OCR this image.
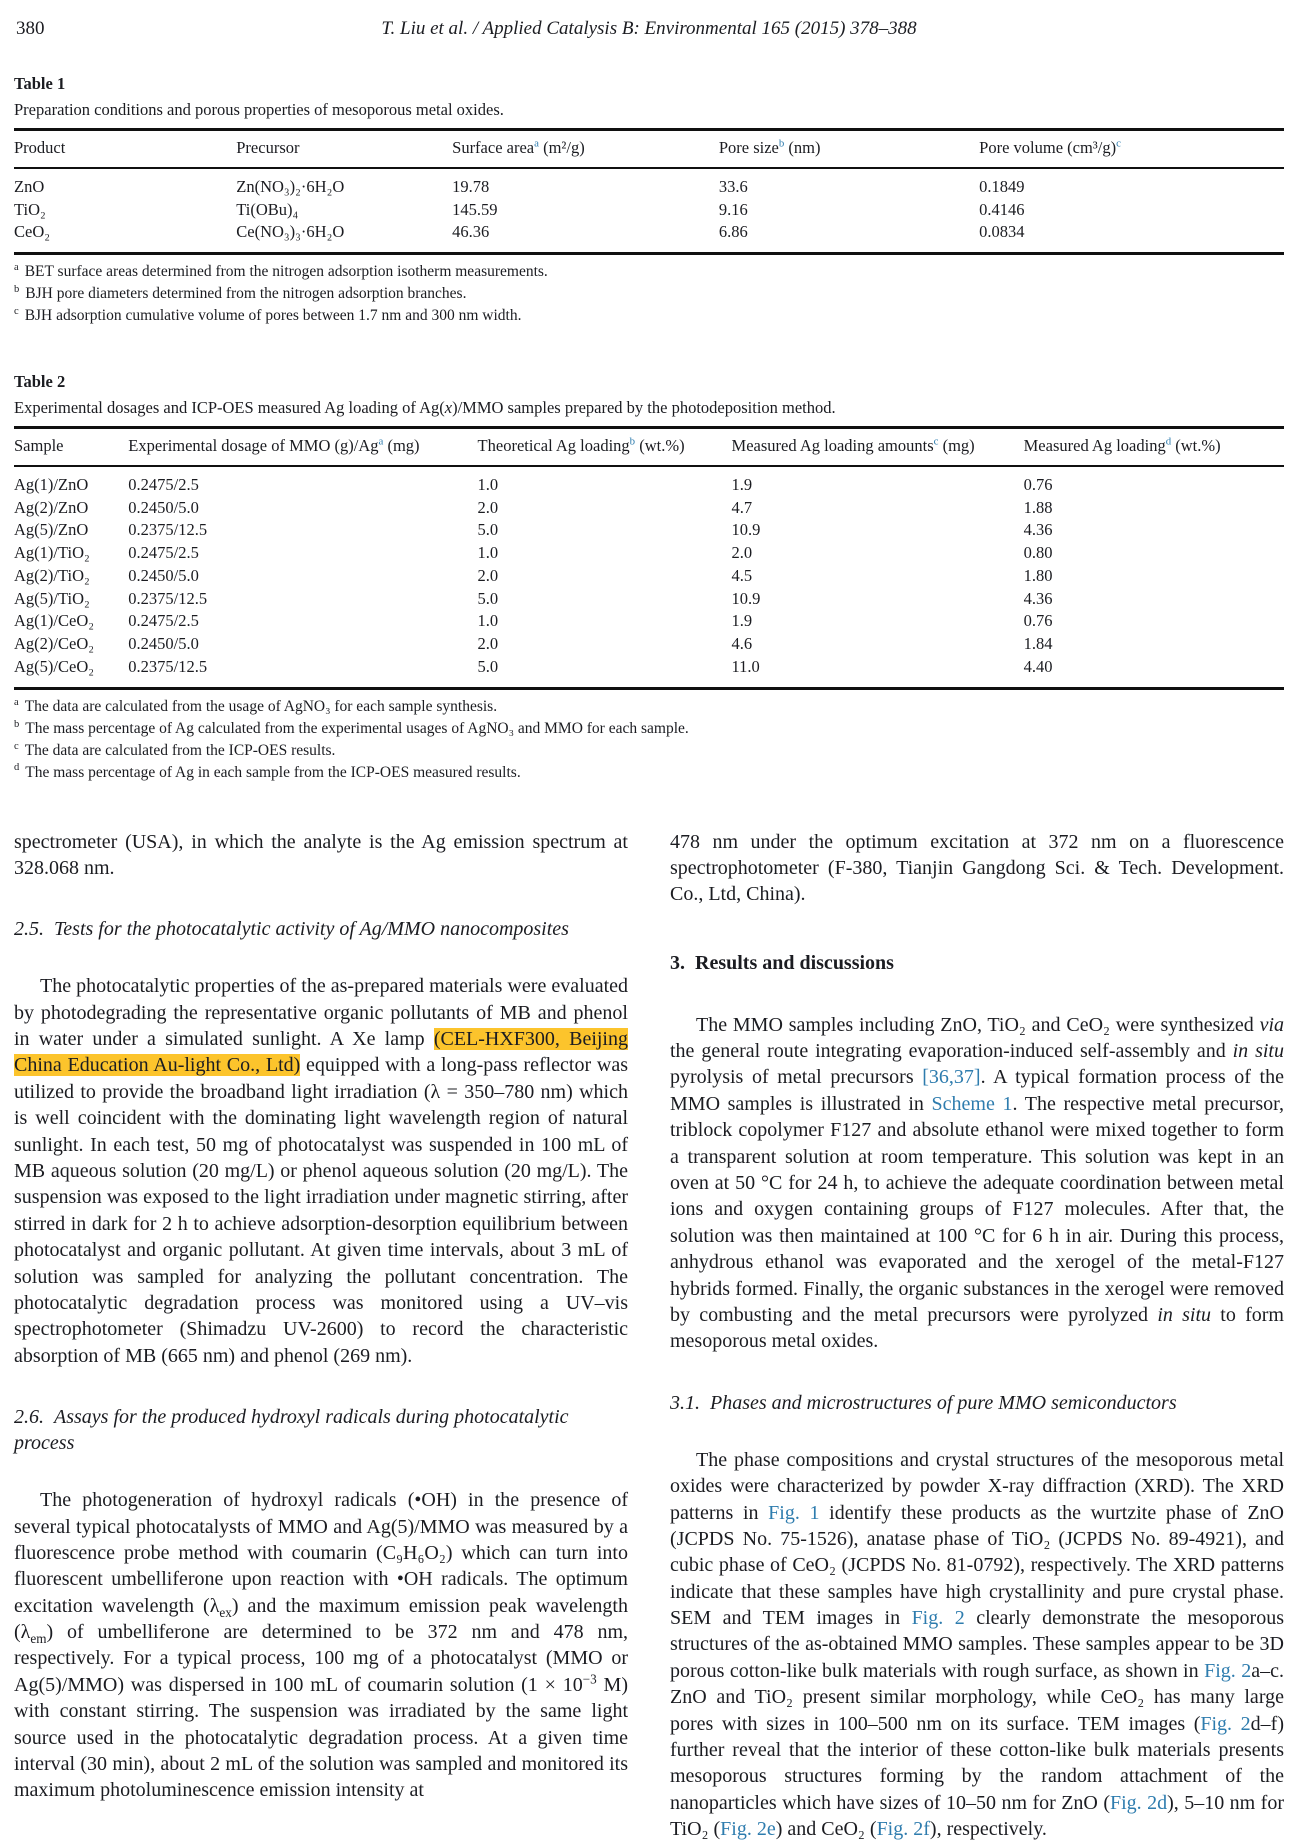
380	T. Liu et al. / Applied Catalysis B: Environmental 165 (2015) 378–388
Table 1
Preparation conditions and porous properties of mesoporous metal oxides.
Product	Precursor	Surface area$^a$ (m²/g)	Pore size$^b$ (nm)	Pore volume $(cm^3/g)^c$
ZnO	Zn(NO₃)₂·6H₂O	19.78	33.6	0.1849
TiO₂	Ti(OBu)₄	145.59	9.16	0.4146
CeO₂	Ce(NO₃)₃·6H₂O	46.36	6.86	0.0834
$^a$ BET surface areas determined from the nitrogen adsorption isotherm measurements.
$^b$ BJH pore diameters determined from the nitrogen adsorption branches.
$^c$ BJH adsorption cumulative volume of pores between 1.7 nm and 300 nm width.
Table 2
Experimental dosages and ICP-OES measured Ag loading of Ag(x)/MMO samples prepared by the photodeposition method.
Sample	Experimental dosage of MMO (g)/Ag$^a$ (mg)	Theoretical Ag loading$^b$ (wt.%)	Measured Ag loading amounts$^c$ (mg)	Measured Ag loading$^d$ (wt.%)
Ag(1)/ZnO	0.2475/2.5	1.0	1.9	0.76
Ag(2)/ZnO	0.2450/5.0	2.0	4.7	1.88
Ag(5)/ZnO	0.2375/12.5	5.0	10.9	4.36
Ag(1)/TiO₂	0.2475/2.5	1.0	2.0	0.80
Ag(2)/TiO₂	0.2450/5.0	2.0	4.5	1.80
Ag(5)/TiO₂	0.2375/12.5	5.0	10.9	4.36
Ag(1)/CeO₂	0.2475/2.5	1.0	1.9	0.76
Ag(2)/CeO₂	0.2450/5.0	2.0	4.6	1.84
Ag(5)/CeO₂	0.2375/12.5	5.0	11.0	4.40
$^a$ The data are calculated from the usage of AgNO₃ for each sample synthesis.
$^b$ The mass percentage of Ag calculated from the experimental usages of AgNO₃ and MMO for each sample.
$^c$ The data are calculated from the ICP-OES results.
$^d$ The mass percentage of Ag in each sample from the ICP-OES measured results.

spectrometer (USA), in which the analyte is the Ag emission spectrum at 328.068 nm.

2.5. Tests for the photocatalytic activity of Ag/MMO nanocomposites

The photocatalytic properties of the as-prepared materials were evaluated by photodegrading the representative organic pollutants of MB and phenol in water under a simulated sunlight. A Xe lamp (CEL-HXF300, Beijing China Education Au-light Co., Ltd) equipped with a long-pass reflector was utilized to provide the broadband light irradiation (λ = 350–780 nm) which is well coincident with the dominating light wavelength region of natural sunlight. In each test, 50 mg of photocatalyst was suspended in 100 mL of MB aqueous solution (20 mg/L) or phenol aqueous solution (20 mg/L). The suspension was exposed to the light irradiation under magnetic stirring, after stirred in dark for 2 h to achieve adsorption-desorption equilibrium between photocatalyst and organic pollutant. At given time intervals, about 3 mL of solution was sampled for analyzing the pollutant concentration. The photocatalytic degradation process was monitored using a UV–vis spectrophotometer (Shimadzu UV-2600) to record the characteristic absorption of MB (665 nm) and phenol (269 nm).

2.6. Assays for the produced hydroxyl radicals during photocatalytic process

The photogeneration of hydroxyl radicals (•OH) in the presence of several typical photocatalysts of MMO and Ag(5)/MMO was measured by a fluorescence probe method with coumarin (C₉H₆O₂) which can turn into fluorescent umbelliferone upon reaction with •OH radicals. The optimum excitation wavelength $(\lambda_{ex})$ and the maximum emission peak wavelength $(\lambda_{em})$ of umbelliferone are determined to be 372 nm and 478 nm, respectively. For a typical process, 100 mg of a photocatalyst (MMO or Ag(5)/MMO) was dispersed in 100 mL of coumarin solution ($1 \times 10^{-3}$ M) with constant stirring. The suspension was irradiated by the same light source used in the photocatalytic degradation process. At a given time interval (30 min), about 2 mL of the solution was sampled and monitored its maximum photoluminescence emission intensity at

478 nm under the optimum excitation at 372 nm on a fluorescence spectrophotometer (F-380, Tianjin Gangdong Sci. & Tech. Development. Co., Ltd, China).

3. Results and discussions

The MMO samples including ZnO, TiO₂ and CeO₂ were synthesized via the general route integrating evaporation-induced self-assembly and in situ pyrolysis of metal precursors [36,37]. A typical formation process of the MMO samples is illustrated in Scheme 1. The respective metal precursor, triblock copolymer F127 and absolute ethanol were mixed together to form a transparent solution at room temperature. This solution was kept in an oven at 50 °C for 24 h, to achieve the adequate coordination between metal ions and oxygen containing groups of F127 molecules. After that, the solution was then maintained at 100 °C for 6 h in air. During this process, anhydrous ethanol was evaporated and the xerogel of the metal-F127 hybrids formed. Finally, the organic substances in the xerogel were removed by combusting and the metal precursors were pyrolyzed in situ to form mesoporous metal oxides.

3.1. Phases and microstructures of pure MMO semiconductors

The phase compositions and crystal structures of the mesoporous metal oxides were characterized by powder X-ray diffraction (XRD). The XRD patterns in Fig. 1 identify these products as the wurtzite phase of ZnO (JCPDS No. 75-1526), anatase phase of TiO₂ (JCPDS No. 89-4921), and cubic phase of CeO₂ (JCPDS No. 81-0792), respectively. The XRD patterns indicate that these samples have high crystallinity and pure crystal phase. SEM and TEM images in Fig. 2 clearly demonstrate the mesoporous structures of the as-obtained MMO samples. These samples appear to be 3D porous cotton-like bulk materials with rough surface, as shown in Fig. 2a–c. ZnO and TiO₂ present similar morphology, while CeO₂ has many large pores with sizes in 100–500 nm on its surface. TEM images (Fig. 2d–f) further reveal that the interior of these cotton-like bulk materials presents mesoporous structures forming by the random attachment of the nanoparticles which have sizes of 10–50 nm for ZnO (Fig. 2d), 5–10 nm for TiO₂ (Fig. 2e) and CeO₂ (Fig. 2f), respectively.
